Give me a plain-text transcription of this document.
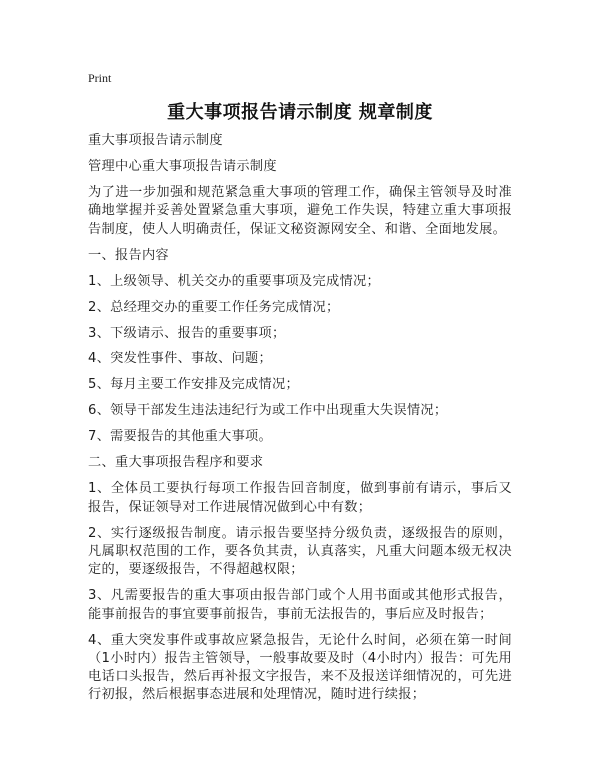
Print
重大事项报告请示制度 规章制度

重大事项报告请示制度

管理中心重大事项报告请示制度

为了进一步加强和规范紧急重大事项的管理工作，确保主管领导及时准确地掌握并妥善处置紧急重大事项，避免工作失误，特建立重大事项报告制度，使人人明确责任，保证文秘资源网安全、和谐、全面地发展。

一、报告内容

1、上级领导、机关交办的重要事项及完成情况；

2、总经理交办的重要工作任务完成情况；

3、下级请示、报告的重要事项；

4、突发性事件、事故、问题；

5、每月主要工作安排及完成情况；

6、领导干部发生违法违纪行为或工作中出现重大失误情况；

7、需要报告的其他重大事项。

二、重大事项报告程序和要求

1、全体员工要执行每项工作报告回音制度，做到事前有请示，事后又报告，保证领导对工作进展情况做到心中有数；

2、实行逐级报告制度。请示报告要坚持分级负责，逐级报告的原则，凡属职权范围的工作，要各负其责，认真落实，凡重大问题本级无权决定的，要逐级报告，不得超越权限；

3、凡需要报告的重大事项由报告部门或个人用书面或其他形式报告，能事前报告的事宜要事前报告，事前无法报告的，事后应及时报告；

4、重大突发事件或事故应紧急报告，无论什么时间，必须在第一时间（1小时内）报告主管领导，一般事故要及时（4小时内）报告：可先用电话口头报告，然后再补报文字报告，来不及报送详细情况的，可先进行初报，然后根据事态进展和处理情况，随时进行续报；
